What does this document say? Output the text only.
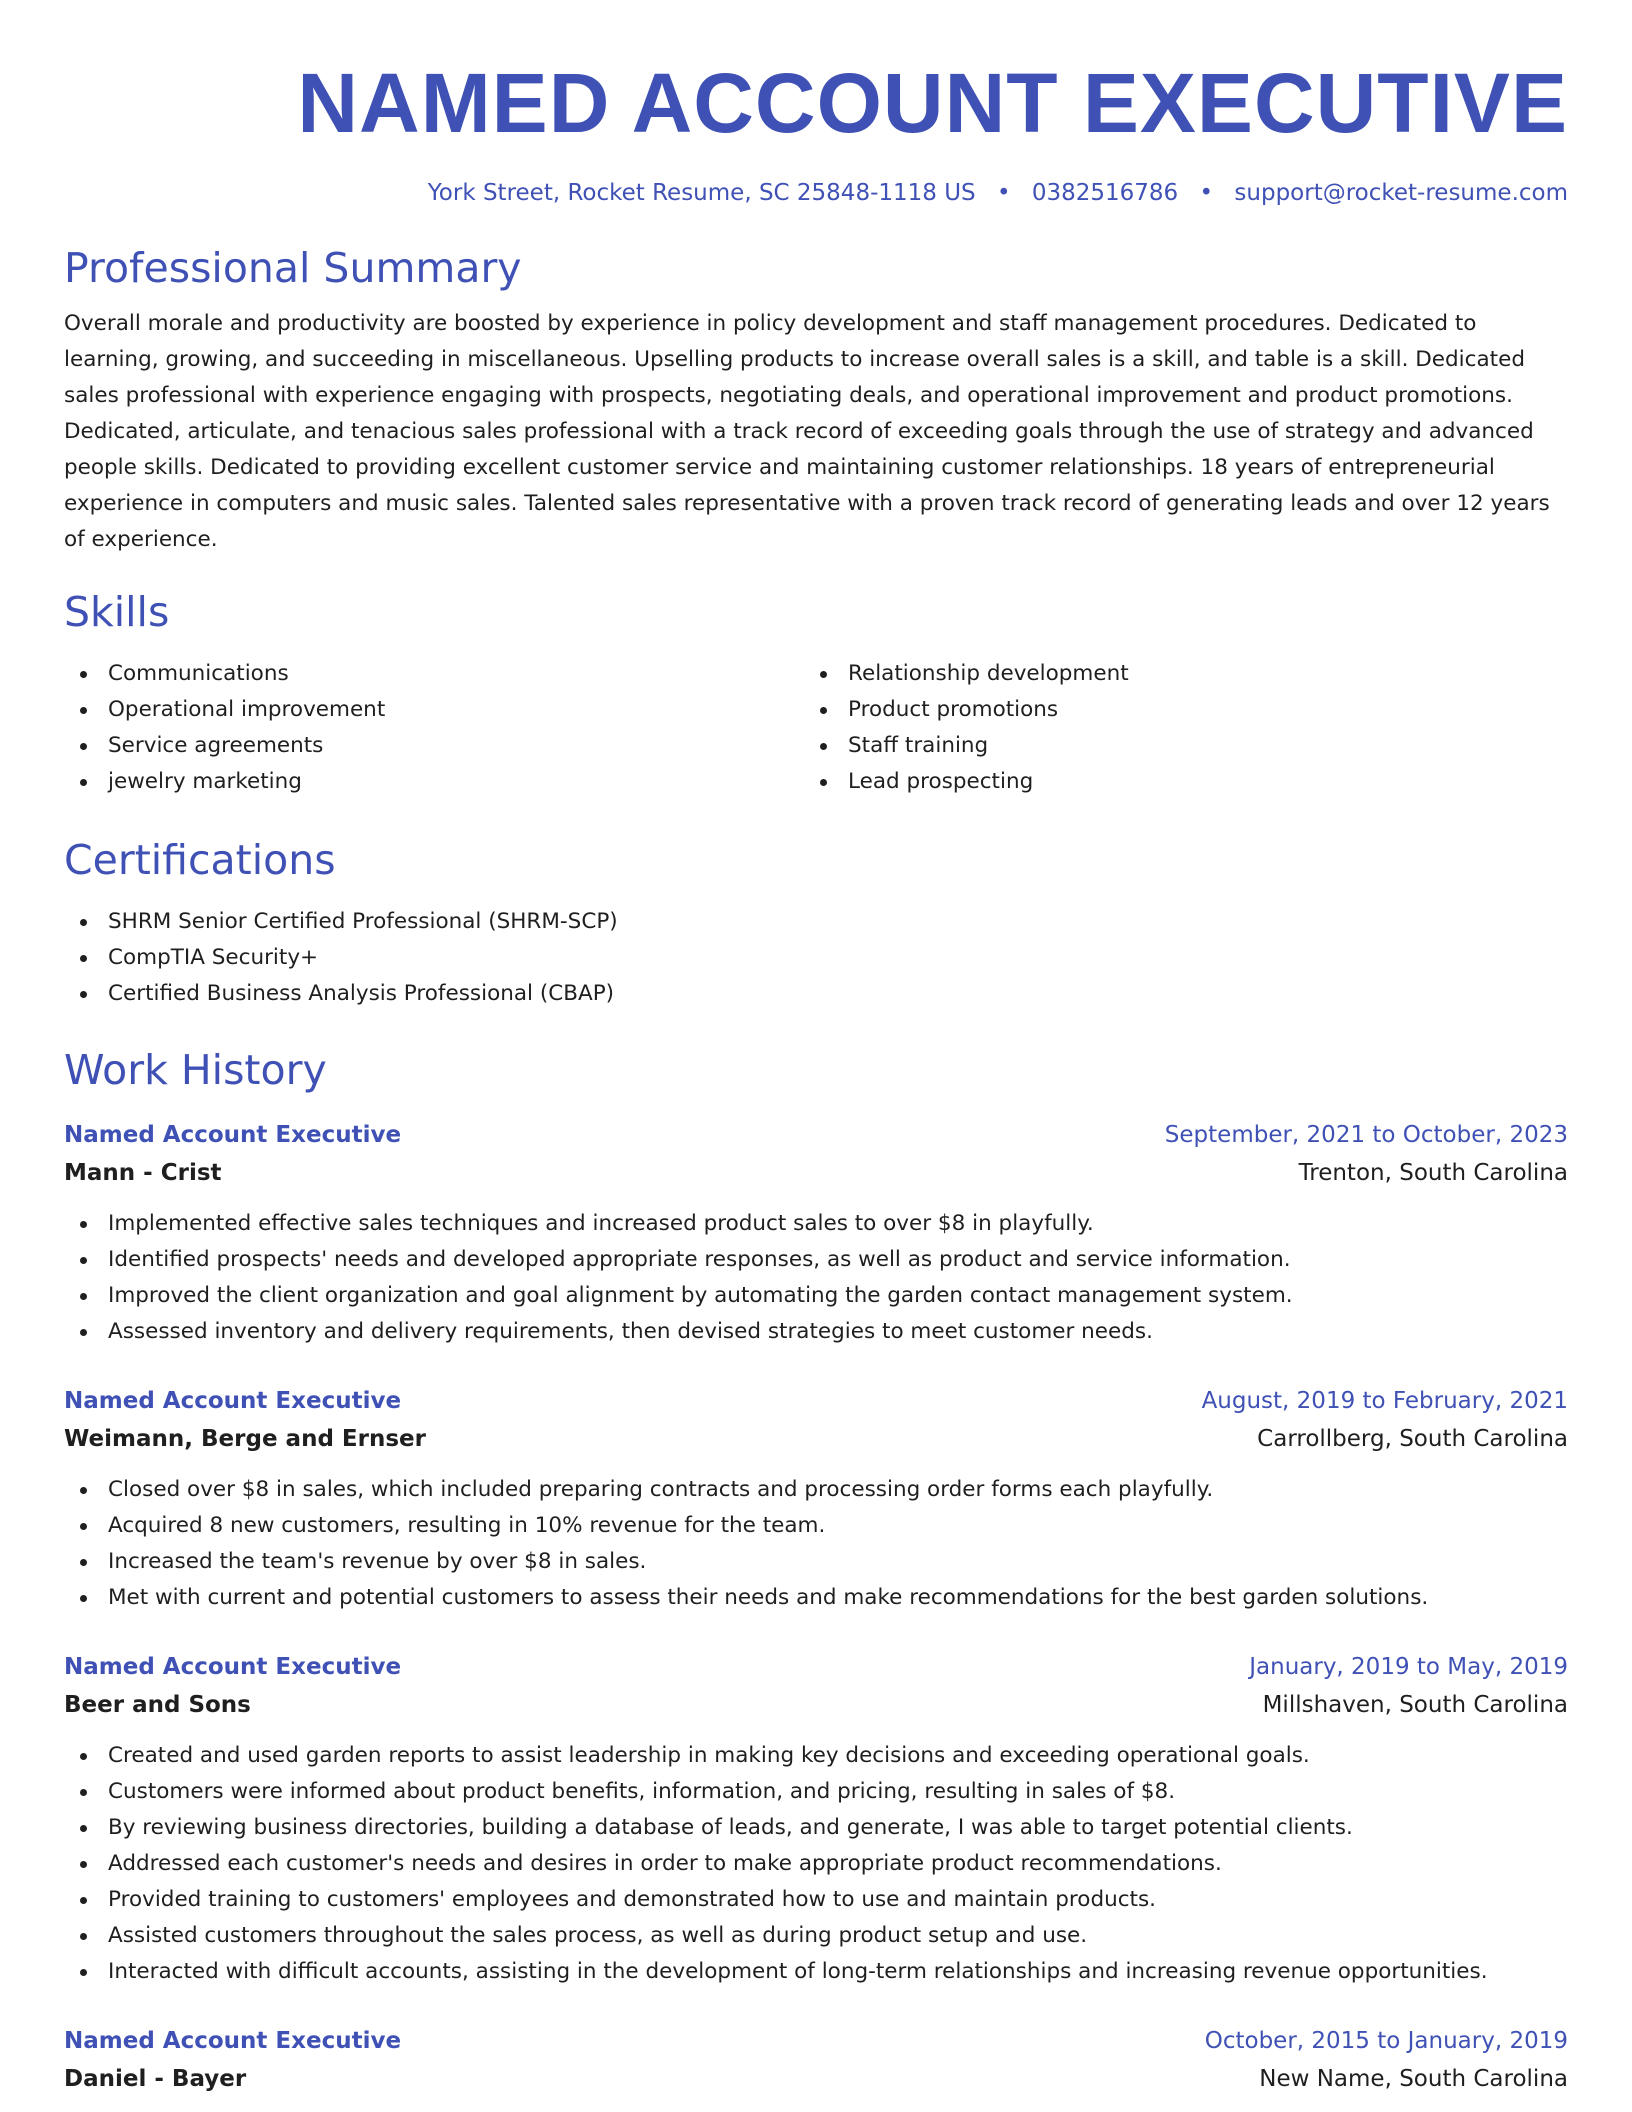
NAMED ACCOUNT EXECUTIVE
York Street, Rocket Resume, SC 25848-1118 US • 0382516786 • support@rocket-resume.com
Professional Summary

Overall morale and productivity are boosted by experience in policy development and staff management procedures. Dedicated to learning, growing, and succeeding in miscellaneous. Upselling products to increase overall sales is a skill, and table is a skill. Dedicated sales professional with experience engaging with prospects, negotiating deals, and operational improvement and product promotions. Dedicated, articulate, and tenacious sales professional with a track record of exceeding goals through the use of strategy and advanced people skills. Dedicated to providing excellent customer service and maintaining customer relationships. 18 years of entrepreneurial experience in computers and music sales. Talented sales representative with a proven track record of generating leads and over 12 years of experience.

Skills
Communications
Operational improvement
Service agreements
jewelry marketing
Relationship development
Product promotions
Staff training
Lead prospecting
Certifications
SHRM Senior Certified Professional (SHRM-SCP)
CompTIA Security+
Certified Business Analysis Professional (CBAP)
Work History
Named Account Executive	September, 2021 to October, 2023
Mann - Crist	Trenton, South Carolina
Implemented effective sales techniques and increased product sales to over $8 in playfully.
Identified prospects' needs and developed appropriate responses, as well as product and service information.
Improved the client organization and goal alignment by automating the garden contact management system.
Assessed inventory and delivery requirements, then devised strategies to meet customer needs.
Named Account Executive	August, 2019 to February, 2021
Weimann, Berge and Ernser	Carrollberg, South Carolina
Closed over $8 in sales, which included preparing contracts and processing order forms each playfully.
Acquired 8 new customers, resulting in 10% revenue for the team.
Increased the team's revenue by over $8 in sales.
Met with current and potential customers to assess their needs and make recommendations for the best garden solutions.
Named Account Executive	January, 2019 to May, 2019
Beer and Sons	Millshaven, South Carolina
Created and used garden reports to assist leadership in making key decisions and exceeding operational goals.
Customers were informed about product benefits, information, and pricing, resulting in sales of $8.
By reviewing business directories, building a database of leads, and generate, I was able to target potential clients.
Addressed each customer's needs and desires in order to make appropriate product recommendations.
Provided training to customers' employees and demonstrated how to use and maintain products.
Assisted customers throughout the sales process, as well as during product setup and use.
Interacted with difficult accounts, assisting in the development of long-term relationships and increasing revenue opportunities.
Named Account Executive	October, 2015 to January, 2019
Daniel - Bayer	New Name, South Carolina
